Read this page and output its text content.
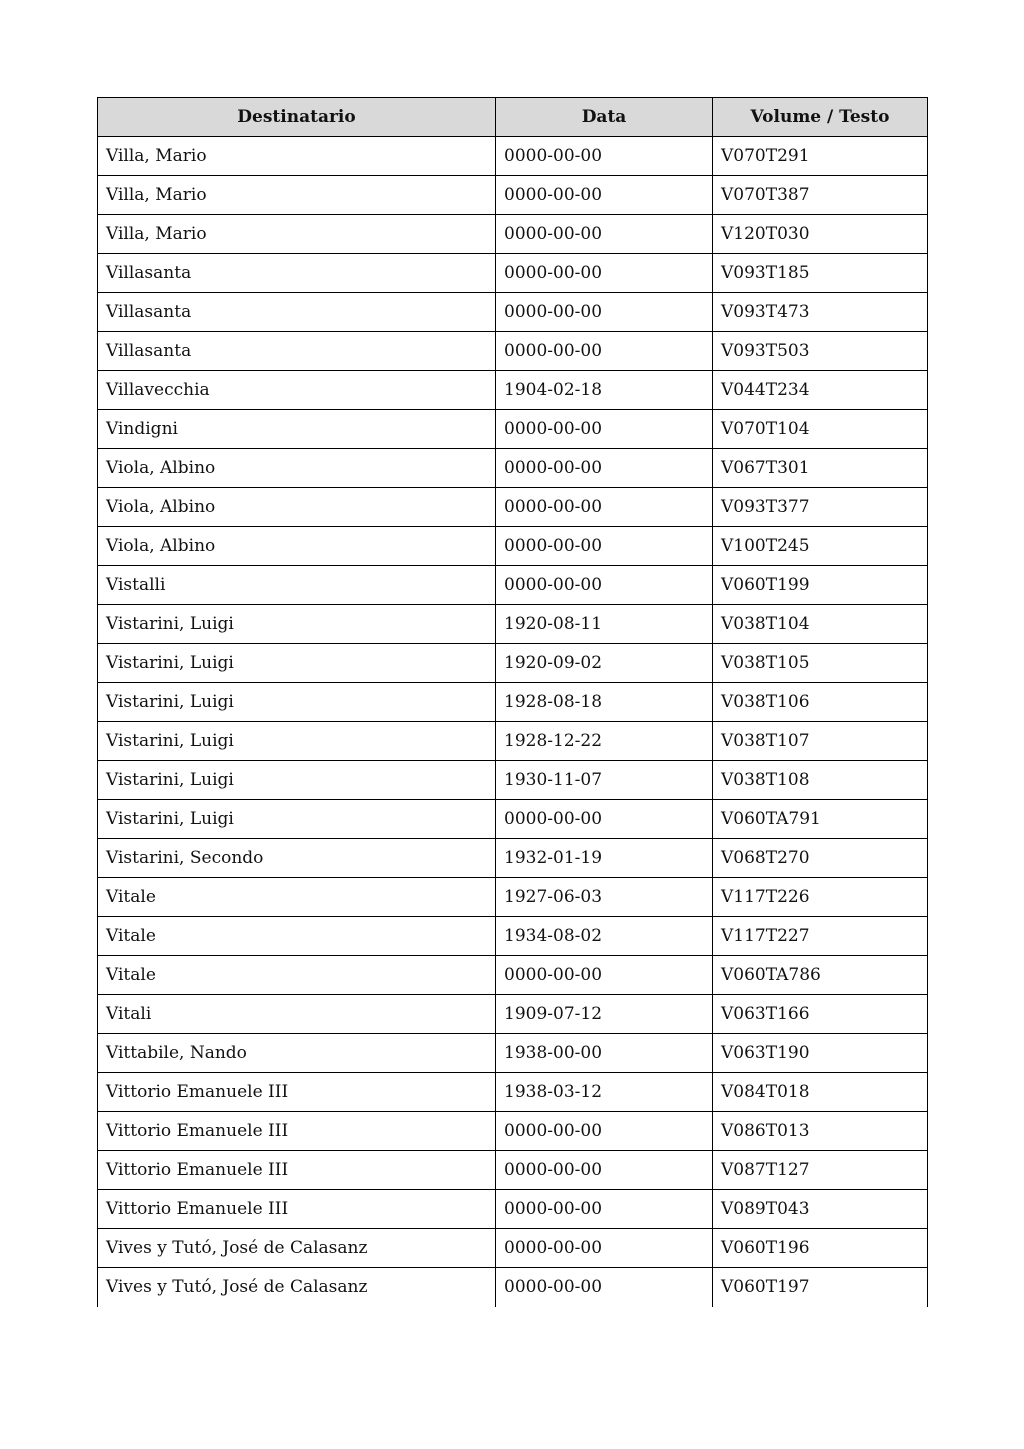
Destinatario	Data	Volume / Testo
Villa, Mario	0000-00-00	V070T291
Villa, Mario	0000-00-00	V070T387
Villa, Mario	0000-00-00	V120T030
Villasanta	0000-00-00	V093T185
Villasanta	0000-00-00	V093T473
Villasanta	0000-00-00	V093T503
Villavecchia	1904-02-18	V044T234
Vindigni	0000-00-00	V070T104
Viola, Albino	0000-00-00	V067T301
Viola, Albino	0000-00-00	V093T377
Viola, Albino	0000-00-00	V100T245
Vistalli	0000-00-00	V060T199
Vistarini, Luigi	1920-08-11	V038T104
Vistarini, Luigi	1920-09-02	V038T105
Vistarini, Luigi	1928-08-18	V038T106
Vistarini, Luigi	1928-12-22	V038T107
Vistarini, Luigi	1930-11-07	V038T108
Vistarini, Luigi	0000-00-00	V060TA791
Vistarini, Secondo	1932-01-19	V068T270
Vitale	1927-06-03	V117T226
Vitale	1934-08-02	V117T227
Vitale	0000-00-00	V060TA786
Vitali	1909-07-12	V063T166
Vittabile, Nando	1938-00-00	V063T190
Vittorio Emanuele III	1938-03-12	V084T018
Vittorio Emanuele III	0000-00-00	V086T013
Vittorio Emanuele III	0000-00-00	V087T127
Vittorio Emanuele III	0000-00-00	V089T043
Vives y Tutó, José de Calasanz	0000-00-00	V060T196
Vives y Tutó, José de Calasanz	0000-00-00	V060T197
